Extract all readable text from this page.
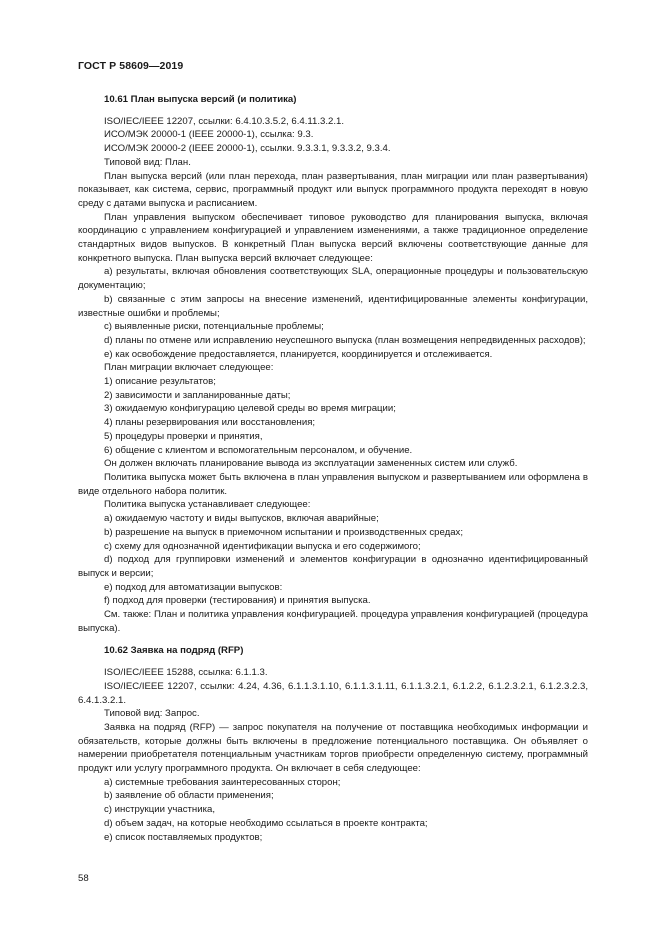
ГОСТ Р 58609—2019
10.61 План выпуска версий (и политика)

ISO/IEC/IEEE 12207, ссылки: 6.4.10.3.5.2, 6.4.11.3.2.1.

ИСО/МЭК 20000-1 (IEEE 20000-1), ссылка: 9.3.

ИСО/МЭК 20000-2 (IEEE 20000-1), ссылки. 9.3.3.1, 9.3.3.2, 9.3.4.

Типовой вид: План.

План выпуска версий (или план перехода, план развертывания, план миграции или план развертывания) показывает, как система, сервис, программный продукт или выпуск программного продукта переходят в новую среду с датами выпуска и расписанием.

План управления выпуском обеспечивает типовое руководство для планирования выпуска, включая координацию с управлением конфигурацией и управлением изменениями, а также традиционное определение стандартных видов выпусков. В конкретный План выпуска версий включены соответствующие данные для конкретного выпуска. План выпуска версий включает следующее:

a) результаты, включая обновления соответствующих SLA, операционные процедуры и пользовательскую документацию;

b) связанные с этим запросы на внесение изменений, идентифицированные элементы конфигурации, известные ошибки и проблемы;

c) выявленные риски, потенциальные проблемы;

d) планы по отмене или исправлению неуспешного выпуска (план возмещения непредвиденных расходов);

e) как освобождение предоставляется, планируется, координируется и отслеживается.

План миграции включает следующее:

1) описание результатов;

2) зависимости и запланированные даты;

3) ожидаемую конфигурацию целевой среды во время миграции;

4) планы резервирования или восстановления;

5) процедуры проверки и принятия,

6) общение с клиентом и вспомогательным персоналом, и обучение.

Он должен включать планирование вывода из эксплуатации замененных систем или служб.

Политика выпуска может быть включена в план управления выпуском и развертыванием или оформлена в виде отдельного набора политик.

Политика выпуска устанавливает следующее:

a) ожидаемую частоту и виды выпусков, включая аварийные;

b) разрешение на выпуск в приемочном испытании и производственных средах;

c) схему для однозначной идентификации выпуска и его содержимого;

d) подход для группировки изменений и элементов конфигурации в однозначно идентифицированный выпуск и версии;

e) подход для автоматизации выпусков:

f) подход для проверки (тестирования) и принятия выпуска.

См. также: План и политика управления конфигурацией. процедура управления конфигурацией (процедура выпуска).

10.62 Заявка на подряд (RFP)

ISO/IEC/IEEE 15288, ссылка: 6.1.1.3.

ISO/IEC/IEEE 12207, ссылки: 4.24, 4.36, 6.1.1.3.1.10, 6.1.1.3.1.11, 6.1.1.3.2.1, 6.1.2.2, 6.1.2.3.2.1, 6.1.2.3.2.3, 6.4.1.3.2.1.

Типовой вид: Запрос.

Заявка на подряд (RFP) — запрос покупателя на получение от поставщика необходимых информации и обязательств, которые должны быть включены в предложение потенциального поставщика. Он объявляет о намерении приобретателя потенциальным участникам торгов приобрести определенную систему, программный продукт или услугу программного продукта. Он включает в себя следующее:

a) системные требования заинтересованных сторон;

b) заявление об области применения;

c) инструкции участника,

d) объем задач, на которые необходимо ссылаться в проекте контракта;

e) список поставляемых продуктов;

58
